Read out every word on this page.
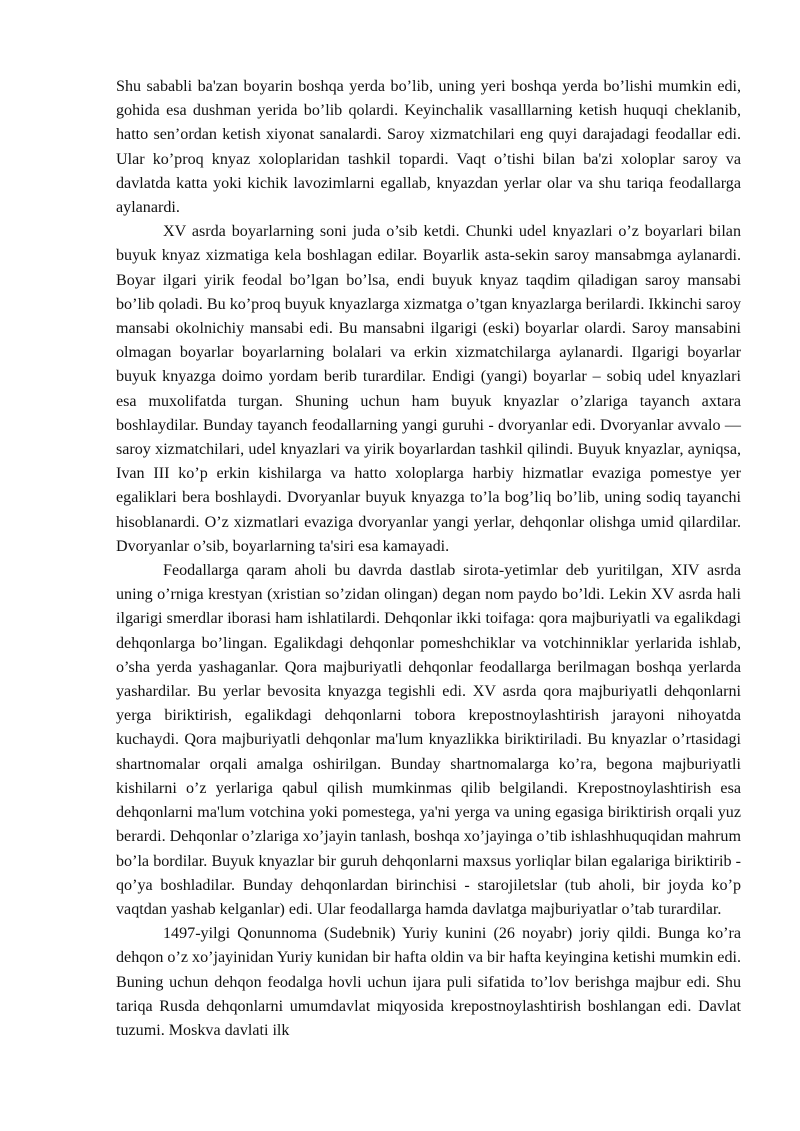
Shu sababli ba'zan boyarin boshqa yerda bo’lib, uning yeri boshqa yerda bo’lishi mumkin edi, gohida esa dushman yerida bo’lib qolardi. Keyinchalik vasalllarning ketish huquqi cheklanib, hatto sen’ordan ketish xiyonat sanalardi. Saroy xizmatchilari eng quyi darajadagi feodallar edi. Ular ko’proq knyaz xoloplaridan tashkil topardi. Vaqt o’tishi bilan ba'zi xoloplar saroy va davlatda katta yoki kichik lavozimlarni egallab, knyazdan yerlar olar va shu tariqa feodallarga aylanardi.

XV asrda boyarlarning soni juda o’sib ketdi. Chunki udel knyazlari o’z boyarlari bilan buyuk knyaz xizmatiga kela boshlagan edilar. Boyarlik asta-sekin saroy mansabmga aylanardi. Boyar ilgari yirik feodal bo’lgan bo’lsa, endi buyuk knyaz taqdim qiladigan saroy mansabi bo’lib qoladi. Bu ko’proq buyuk knyazlarga xizmatga o’tgan knyazlarga berilardi. Ikkinchi saroy mansabi okolnichiy mansabi edi. Bu mansabni ilgarigi (eski) boyarlar olardi. Saroy mansabini olmagan boyarlar boyarlarning bolalari va erkin xizmatchilarga aylanardi. Ilgarigi boyarlar buyuk knyazga doimo yordam berib turardilar. Endigi (yangi) boyarlar – sobiq udel knyazlari esa muxolifatda turgan. Shuning uchun ham buyuk knyazlar o’zlariga tayanch axtara boshlaydilar. Bunday tayanch feodallarning yangi guruhi - dvoryanlar edi. Dvoryanlar avvalo —saroy xizmatchilari, udel knyazlari va yirik boyarlardan tashkil qilindi. Buyuk knyazlar, ayniqsa, Ivan III ko’p erkin kishilarga va hatto xoloplarga harbiy hizmatlar evaziga pomestye yer egaliklari bera boshlaydi. Dvoryanlar buyuk knyazga to’la bog’liq bo’lib, uning sodiq tayanchi hisoblanardi. O’z xizmatlari evaziga dvoryanlar yangi yerlar, dehqonlar olishga umid qilardilar. Dvoryanlar o’sib, boyarlarning ta'siri esa kamayadi.

Feodallarga qaram aholi bu davrda dastlab sirota-yetimlar deb yuritilgan, XIV asrda uning o’rniga krestyan (xristian so’zidan olingan) degan nom paydo bo’ldi. Lekin XV asrda hali ilgarigi smerdlar iborasi ham ishlatilardi. Dehqonlar ikki toifaga: qora majburiyatli va egalikdagi dehqonlarga bo’lingan. Egalikdagi dehqonlar pomeshchiklar va votchinniklar yerlarida ishlab, o’sha yerda yashaganlar. Qora majburiyatli dehqonlar feodallarga berilmagan boshqa yerlarda yashardilar. Bu yerlar bevosita knyazga tegishli edi. XV asrda qora majburiyatli dehqonlarni yerga biriktirish, egalikdagi dehqonlarni tobora krepostnoylashtirish jarayoni nihoyatda kuchaydi. Qora majburiyatli dehqonlar ma'lum knyazlikka biriktiriladi. Bu knyazlar o’rtasidagi shartnomalar orqali amalga oshirilgan. Bunday shartnomalarga ko’ra, begona majburiyatli kishilarni o’z yerlariga qabul qilish mumkinmas qilib belgilandi. Krepostnoylashtirish esa dehqonlarni ma'lum votchina yoki pomestega, ya'ni yerga va uning egasiga biriktirish orqali yuz berardi. Dehqonlar o’zlariga xo’jayin tanlash, boshqa xo’jayinga o’tib ishlashhuquqidan mahrum bo’la bordilar. Buyuk knyazlar bir guruh dehqonlarni maxsus yorliqlar bilan egalariga biriktirib - qo’ya boshladilar. Bunday dehqonlardan birinchisi - starojiletslar (tub aholi, bir joyda ko’p vaqtdan yashab kelganlar) edi. Ular feodallarga hamda davlatga majburiyatlar o’tab turardilar.

1497-yilgi Qonunnoma (Sudebnik) Yuriy kunini (26 noyabr) joriy qildi. Bunga ko’ra dehqon o’z xo’jayinidan Yuriy kunidan bir hafta oldin va bir hafta keyingina ketishi mumkin edi. Buning uchun dehqon feodalga hovli uchun ijara puli sifatida to’lov berishga majbur edi. Shu tariqa Rusda dehqonlarni umumdavlat miqyosida krepostnoylashtirish boshlangan edi. Davlat tuzumi. Moskva davlati ilk
